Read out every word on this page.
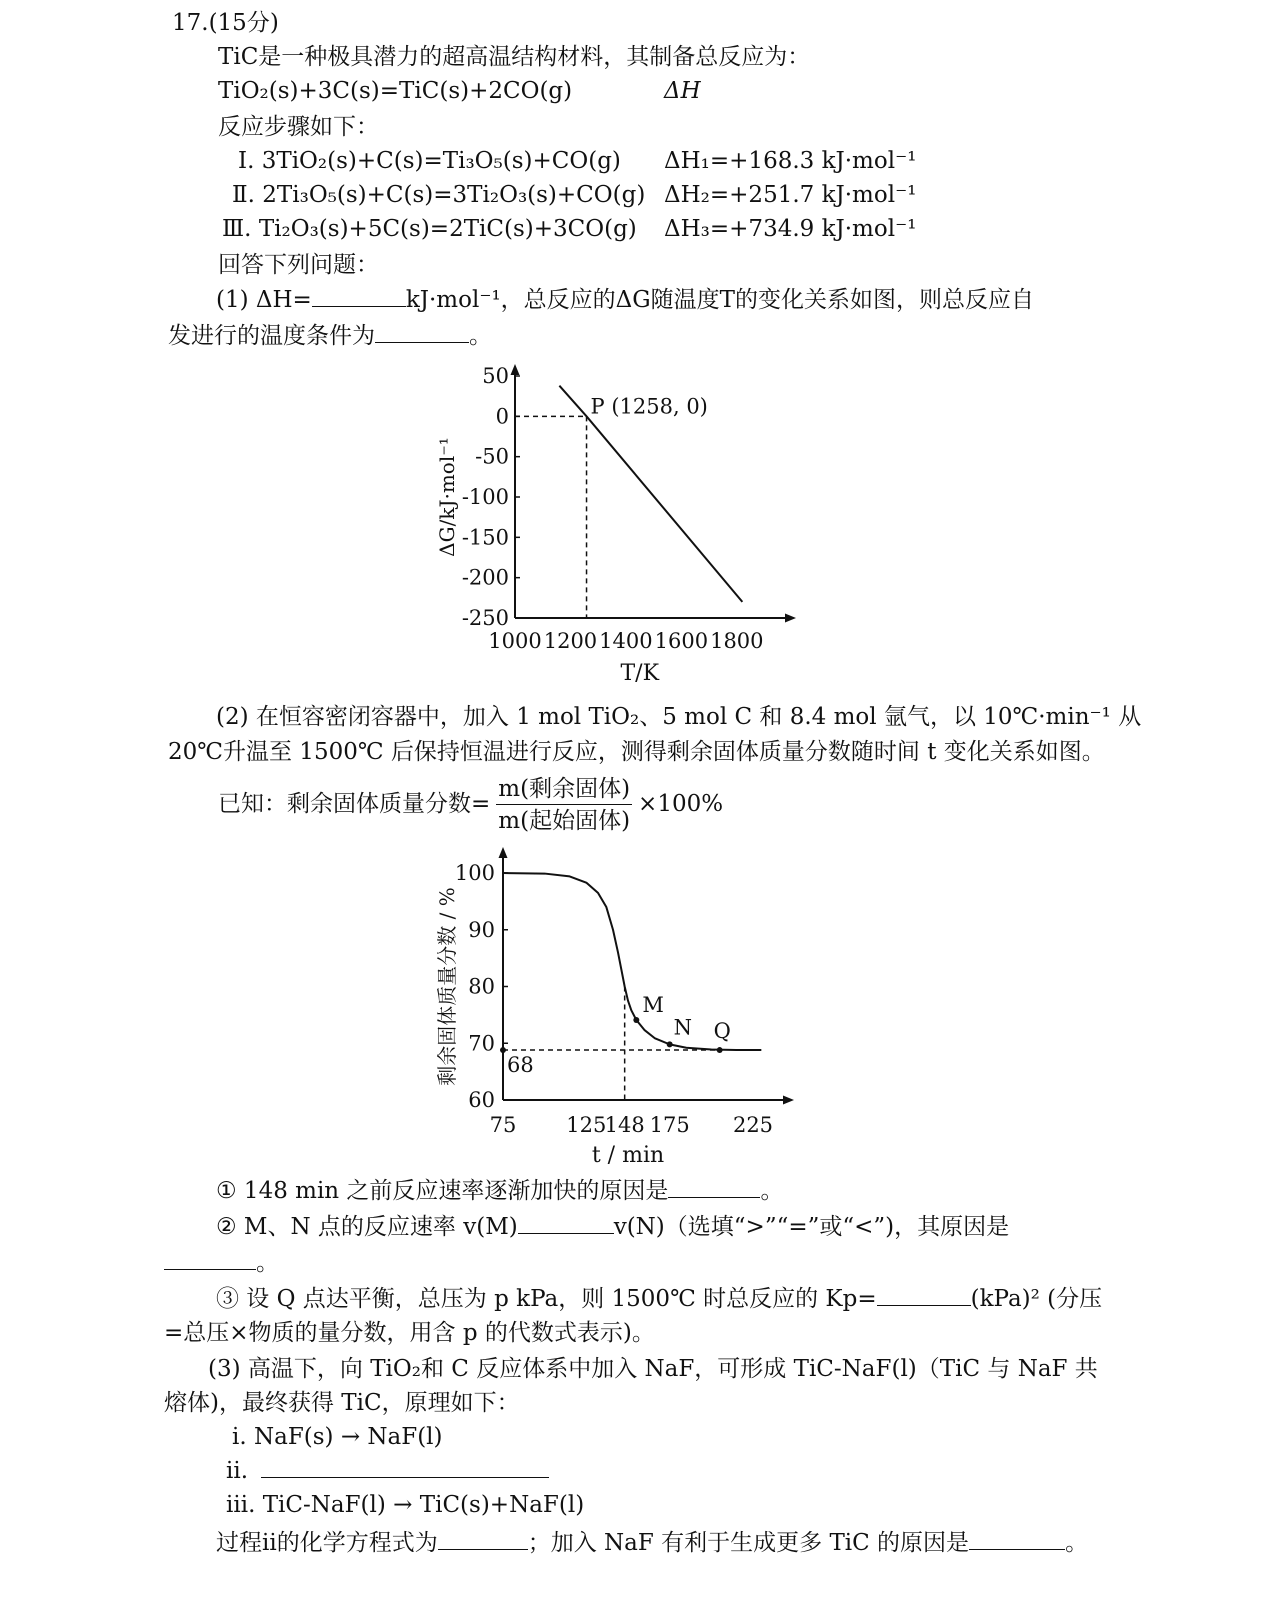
17.(15分)
TiC是一种极具潜力的超高温结构材料，其制备总反应为：
TiO₂(s)+3C(s)=TiC(s)+2CO(g)	ΔH
反应步骤如下：
Ⅰ. 3TiO₂(s)+C(s)=Ti₃O₅(s)+CO(g) ΔH₁=+168.3 kJ·mol⁻¹
Ⅱ. 2Ti₃O₅(s)+C(s)=3Ti₂O₃(s)+CO(g) ΔH₂=+251.7 kJ·mol⁻¹
Ⅲ. Ti₂O₃(s)+5C(s)=2TiC(s)+3CO(g) ΔH₃=+734.9 kJ·mol⁻¹
回答下列问题：
(1) ΔH=	kJ·mol⁻¹，总反应的ΔG随温度T的变化关系如图，则总反应自
发进行的温度条件为	。
50
0
-50
-100
-150
-200
-250
1000 1200 1400 1600 1800
T/K
ΔG/kJ·mol⁻¹
P (1258, 0)
(2) 在恒容密闭容器中，加入 1 mol TiO₂、5 mol C 和 8.4 mol 氩气，以 10℃·min⁻¹ 从
20℃升温至 1500℃ 后保持恒温进行反应，测得剩余固体质量分数随时间 t 变化关系如图。
已知：剩余固体质量分数= $\frac{\text{m(剩余固体)}}{\text{m(起始固体)}} \times 100\%$
100
90
80
70
60
75 125
148 175 225
t / min
剩余固体质量分数 / % 68
M
N Q
① 148 min 之前反应速率逐渐加快的原因是	。
② M、N 点的反应速率 v(M)	v(N)（选填“>”“=”或“<”)，其原因是
。
③ 设 Q 点达平衡，总压为 p kPa，则 1500℃ 时总反应的 Kp=	(kPa)² (分压
=总压×物质的量分数，用含 p 的代数式表示)。
(3) 高温下，向 TiO₂和 C 反应体系中加入 NaF，可形成 TiC-NaF(l)（TiC 与 NaF 共
熔体)，最终获得 TiC，原理如下：
ⅰ. NaF(s) → NaF(l)
ⅱ.
ⅲ. TiC-NaF(l) → TiC(s)+NaF(l)
过程ⅱ的化学方程式为	；加入 NaF 有利于生成更多 TiC 的原因是	。
